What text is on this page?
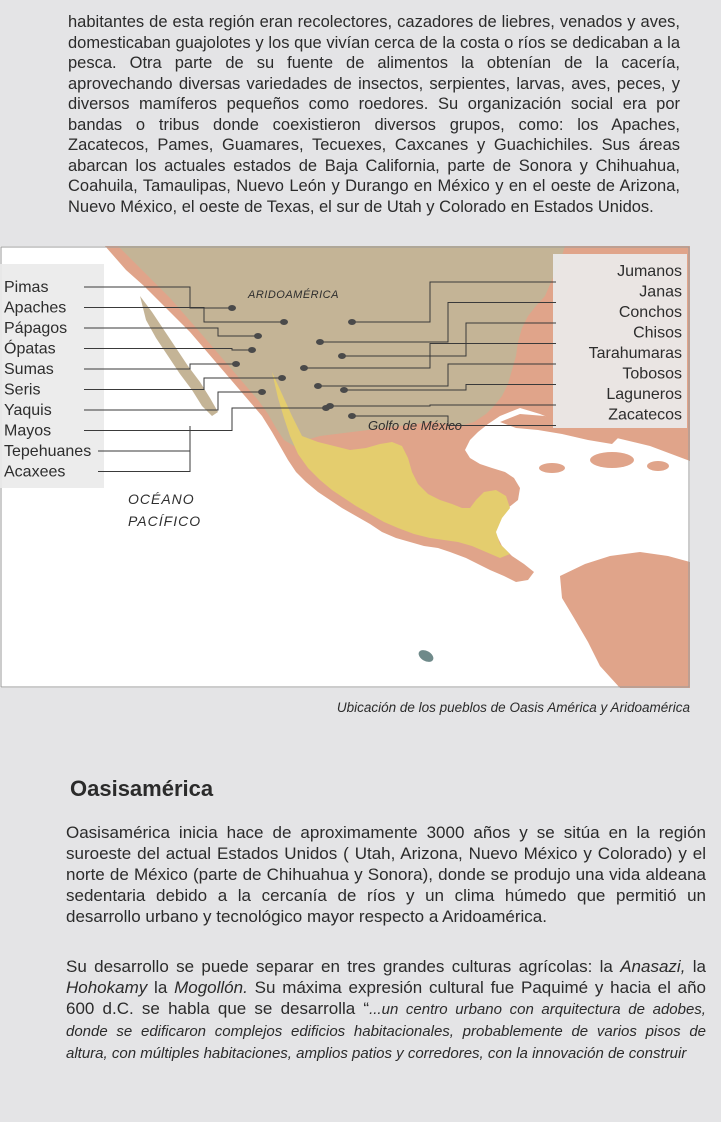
habitantes de esta región eran recolectores, cazadores de liebres, venados y aves, domesticaban guajolotes y los que vivían cerca de la costa o ríos se dedicaban a la pesca. Otra parte de su fuente de alimentos la obtenían de la cacería, aprovechando diversas variedades de insectos, serpientes, larvas, aves, peces, y diversos mamíferos pequeños como roedores. Su organización social era por bandas o tribus donde coexistieron diversos grupos, como: los Apaches, Zacatecos, Pames, Guamares, Tecuexes, Caxcanes y Guachichiles. Sus áreas abarcan los actuales estados de Baja California, parte de Sonora y Chihuahua, Coahuila, Tamaulipas, Nuevo León y Durango en México y en el oeste de Arizona, Nuevo México, el oeste de Texas, el sur de Utah y Colorado en Estados Unidos.

ARIDOAMÉRICA
Golfo de México
OCÉANO
PACÍFICO
Pimas
Apaches
Pápagos
Ópatas
Sumas
Seris
Yaquis
Mayos
Tepehuanes
Acaxees
Jumanos
Janas
Conchos
Chisos
Tarahumaras
Tobosos
Laguneros
Zacatecos
Ubicación de los pueblos de Oasis América y Aridoamérica
Oasisamérica

Oasisamérica inicia hace de aproximamente 3000 años y se sitúa en la región suroeste del actual Estados Unidos ( Utah, Arizona, Nuevo México y Colorado) y el norte de México (parte de Chihuahua y Sonora), donde se produjo una vida aldeana sedentaria debido a la cercanía de ríos y un clima húmedo que permitió un desarrollo urbano y tecnológico mayor respecto a Aridoamérica.

Su desarrollo se puede separar en tres grandes culturas agrícolas: la Anasazi, la Hohokamy la Mogollón. Su máxima expresión cultural fue Paquimé y hacia el año 600 d.C. se habla que se desarrolla “...un centro urbano con arquitectura de adobes, donde se edificaron complejos edificios habitacionales, probablemente de varios pisos de altura, con múltiples habitaciones, amplios patios y corredores, con la innovación de construir
